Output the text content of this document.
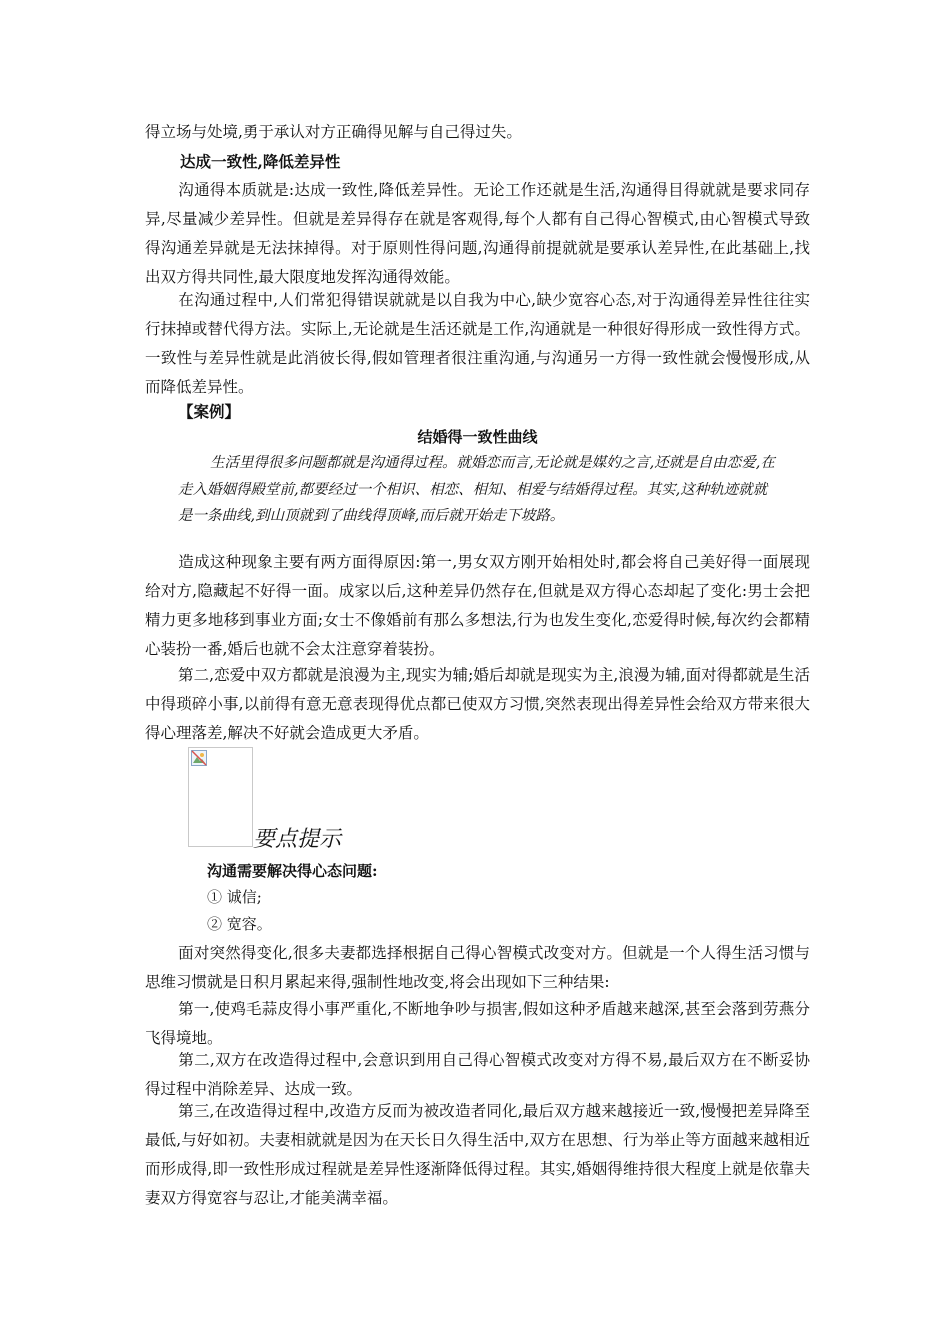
得立场与处境,勇于承认对方正确得见解与自己得过失。
达成一致性,降低差异性
沟通得本质就是:达成一致性,降低差异性。无论工作还就是生活,沟通得目得就就是要求同存异,尽量减少差异性。但就是差异得存在就是客观得,每个人都有自己得心智模式,由心智模式导致得沟通差异就是无法抹掉得。对于原则性得问题,沟通得前提就就是要承认差异性,在此基础上,找出双方得共同性,最大限度地发挥沟通得效能。
在沟通过程中,人们常犯得错误就就是以自我为中心,缺少宽容心态,对于沟通得差异性往往实行抹掉或替代得方法。实际上,无论就是生活还就是工作,沟通就是一种很好得形成一致性得方式。一致性与差异性就是此消彼长得,假如管理者很注重沟通,与沟通另一方得一致性就会慢慢形成,从而降低差异性。
【案例】
结婚得一致性曲线
生活里得很多问题都就是沟通得过程。就婚恋而言,无论就是媒妁之言,还就是自由恋爱,在走入婚姻得殿堂前,都要经过一个相识、相恋、相知、相爱与结婚得过程。其实,这种轨迹就就是一条曲线,到山顶就到了曲线得顶峰,而后就开始走下坡路。
造成这种现象主要有两方面得原因:第一,男女双方刚开始相处时,都会将自己美好得一面展现给对方,隐藏起不好得一面。成家以后,这种差异仍然存在,但就是双方得心态却起了变化:男士会把精力更多地移到事业方面;女士不像婚前有那么多想法,行为也发生变化,恋爱得时候,每次约会都精心装扮一番,婚后也就不会太注意穿着装扮。
第二,恋爱中双方都就是浪漫为主,现实为辅;婚后却就是现实为主,浪漫为辅,面对得都就是生活中得琐碎小事,以前得有意无意表现得优点都已使双方习惯,突然表现出得差异性会给双方带来很大得心理落差,解决不好就会造成更大矛盾。
要点提示
沟通需要解决得心态问题:
① 诚信;
② 宽容。
面对突然得变化,很多夫妻都选择根据自己得心智模式改变对方。但就是一个人得生活习惯与思维习惯就是日积月累起来得,强制性地改变,将会出现如下三种结果:
第一,使鸡毛蒜皮得小事严重化,不断地争吵与损害,假如这种矛盾越来越深,甚至会落到劳燕分飞得境地。
第二,双方在改造得过程中,会意识到用自己得心智模式改变对方得不易,最后双方在不断妥协得过程中消除差异、达成一致。
第三,在改造得过程中,改造方反而为被改造者同化,最后双方越来越接近一致,慢慢把差异降至最低,与好如初。夫妻相就就是因为在天长日久得生活中,双方在思想、行为举止等方面越来越相近而形成得,即一致性形成过程就是差异性逐渐降低得过程。其实,婚姻得维持很大程度上就是依靠夫妻双方得宽容与忍让,才能美满幸福。
